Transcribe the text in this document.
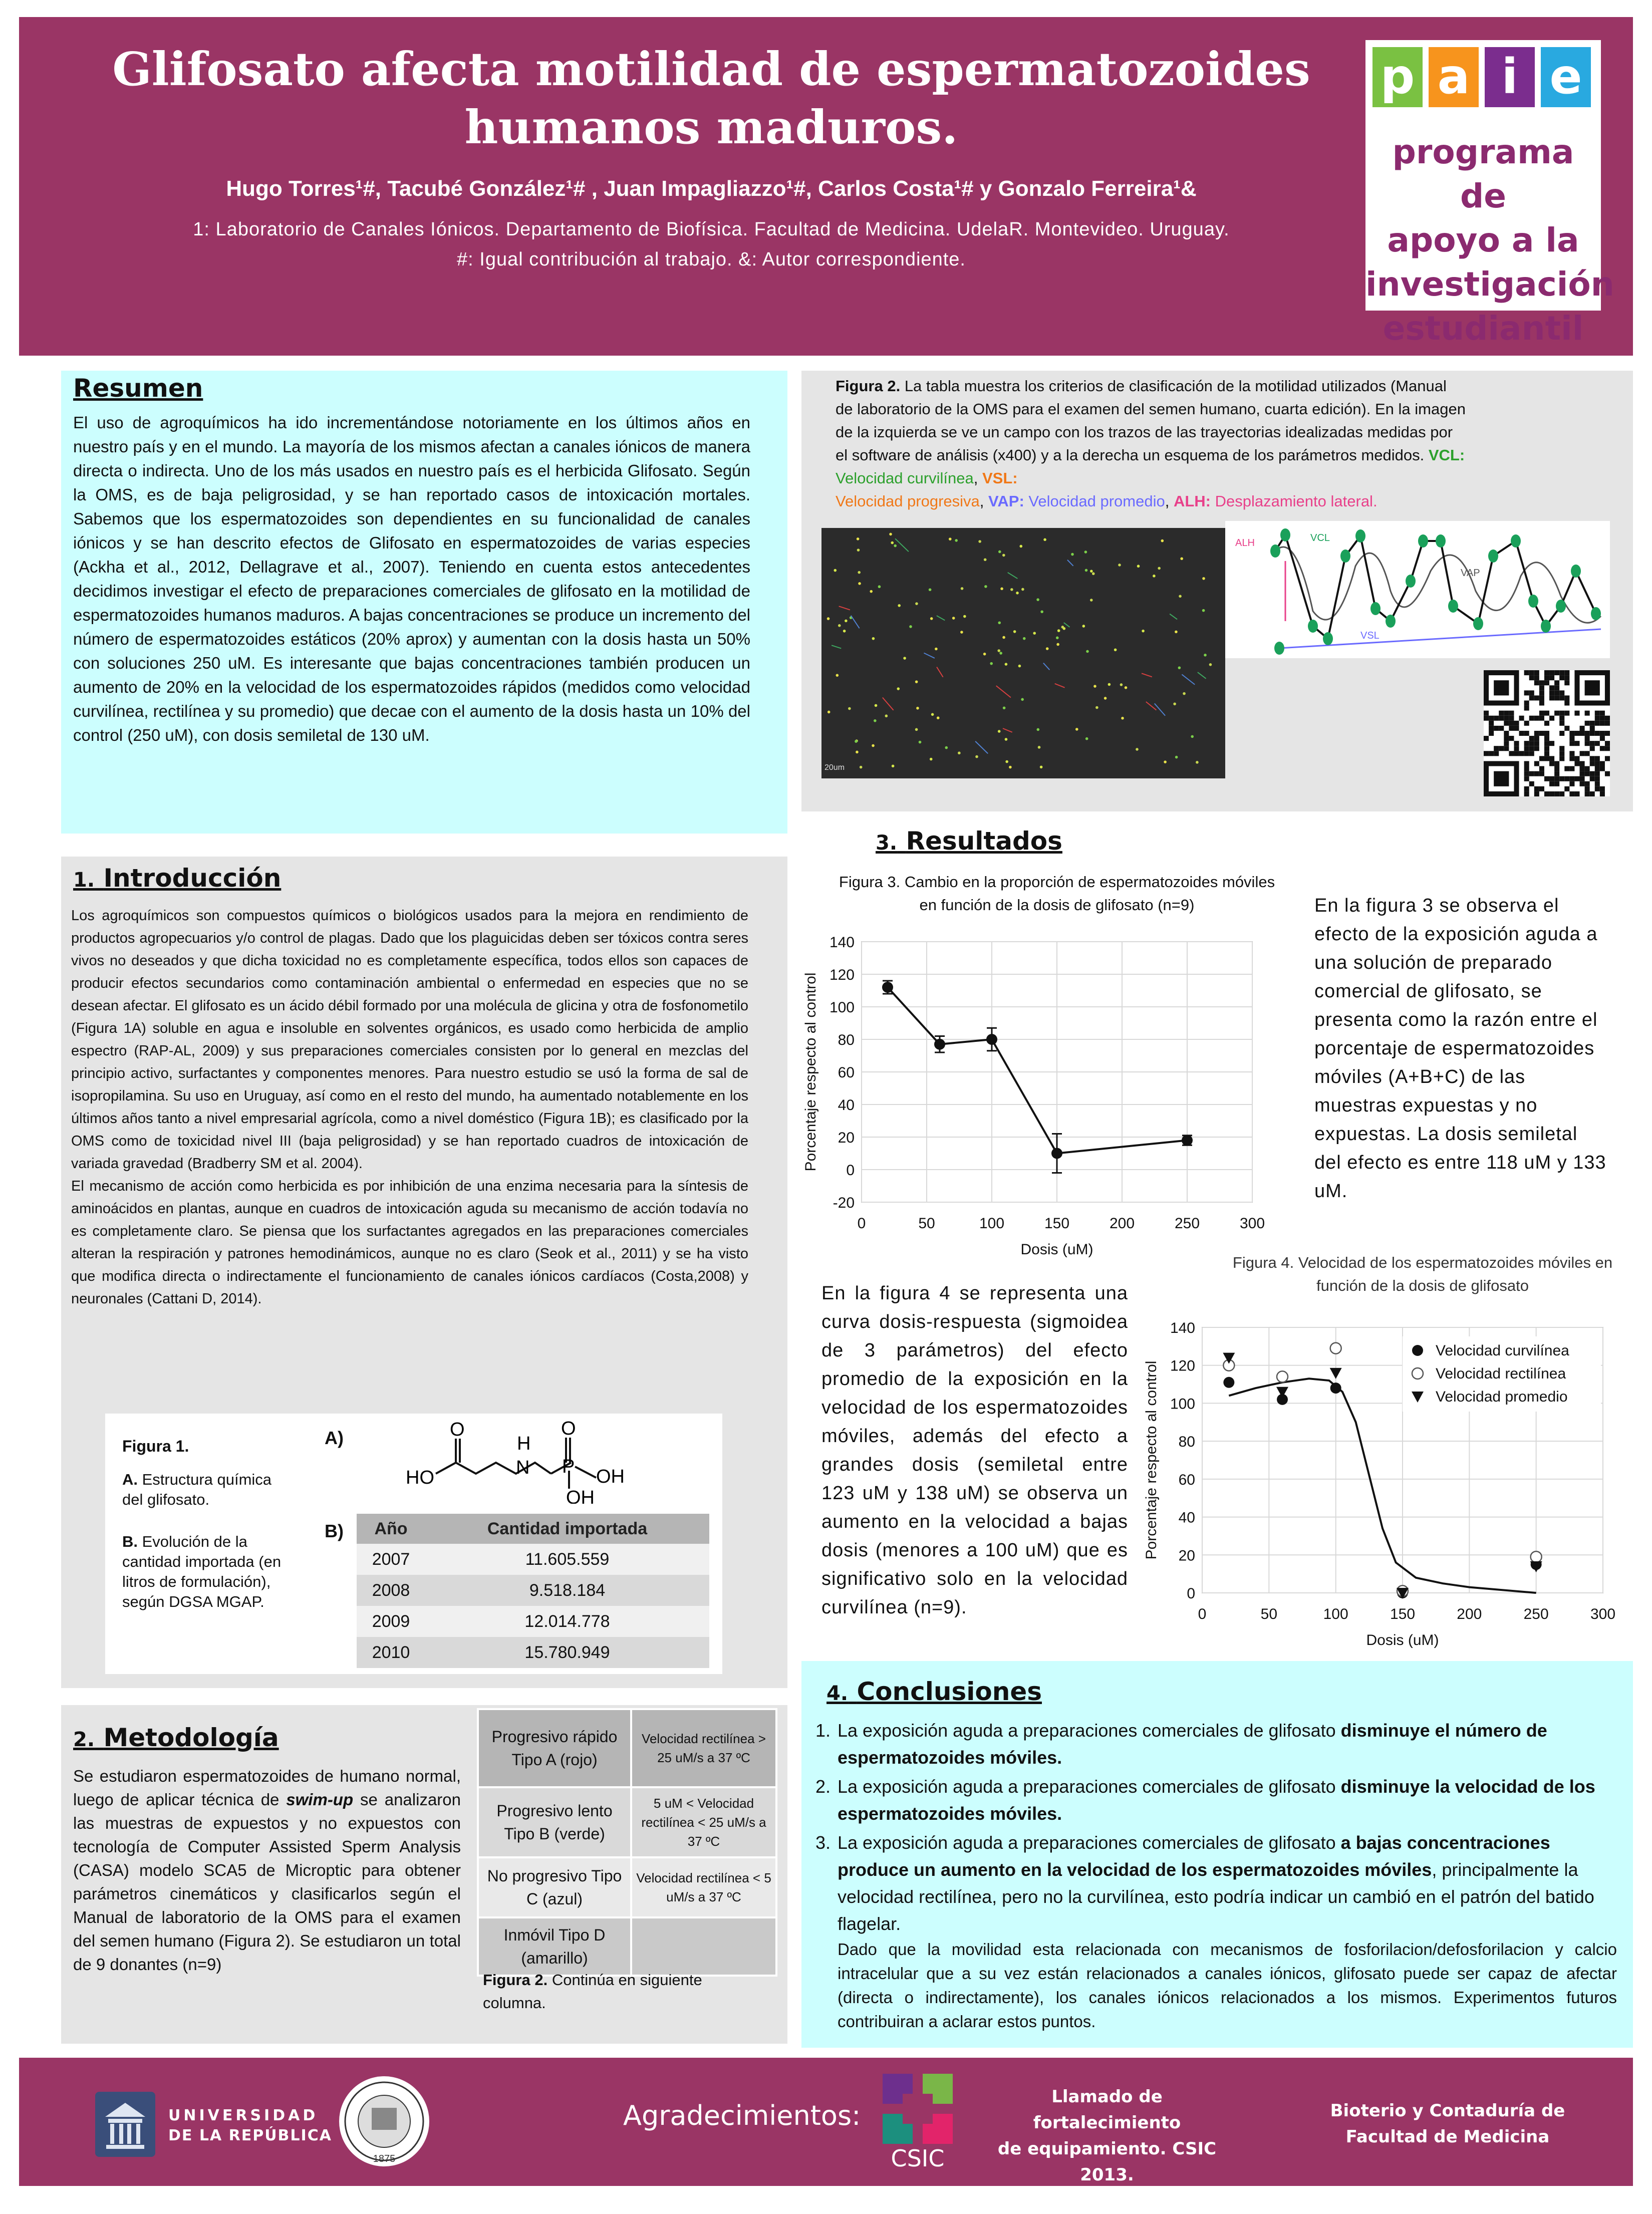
Glifosato afecta motilidad de espermatozoides
humanos maduros.
Hugo Torres¹#, Tacubé González¹# , Juan Impagliazzo¹#, Carlos Costa¹# y Gonzalo Ferreira¹&
1: Laboratorio de Canales Iónicos. Departamento de Biofísica. Facultad de Medicina. UdelaR. Montevideo. Uruguay.
#: Igual contribución al trabajo. &: Autor correspondiente.
p a i e
programa de
apoyo a la
investigación
estudiantil
Resumen
El uso de agroquímicos ha ido incrementándose notoriamente en los últimos años en nuestro país y en el mundo. La mayoría de los mismos afectan a canales iónicos de manera directa o indirecta. Uno de los más usados en nuestro país es el herbicida Glifosato. Según la OMS, es de baja peligrosidad, y se han reportado casos de intoxicación mortales. Sabemos que los espermatozoides son dependientes en su funcionalidad de canales iónicos y se han descrito efectos de Glifosato en espermatozoides de varias especies (Ackha et al., 2012, Dellagrave et al., 2007). Teniendo en cuenta estos antecedentes decidimos investigar el efecto de preparaciones comerciales de glifosato en la motilidad de espermatozoides humanos maduros. A bajas concentraciones se produce un incremento del número de espermatozoides estáticos (20% aprox) y aumentan con la dosis hasta un 50% con soluciones 250 uM. Es interesante que bajas concentraciones también producen un aumento de 20% en la velocidad de los espermatozoides rápidos (medidos como velocidad curvilínea, rectilínea y su promedio) que decae con el aumento de la dosis hasta un 10% del control (250 uM), con dosis semiletal de 130 uM.
1. Introducción
Los agroquímicos son compuestos químicos o biológicos usados para la mejora en rendimiento de productos agropecuarios y/o control de plagas. Dado que los plaguicidas deben ser tóxicos contra seres vivos no deseados y que dicha toxicidad no es completamente específica, todos ellos son capaces de producir efectos secundarios como contaminación ambiental o enfermedad en especies que no se desean afectar. El glifosato es un ácido débil formado por una molécula de glicina y otra de fosfonometilo (Figura 1A) soluble en agua e insoluble en solventes orgánicos, es usado como herbicida de amplio espectro (RAP-AL, 2009) y sus preparaciones comerciales consisten por lo general en mezclas del principio activo, surfactantes y componentes menores. Para nuestro estudio se usó la forma de sal de isopropilamina. Su uso en Uruguay, así como en el resto del mundo, ha aumentado notablemente en los últimos años tanto a nivel empresarial agrícola, como a nivel doméstico (Figura 1B); es clasificado por la OMS como de toxicidad nivel III (baja peligrosidad) y se han reportado cuadros de intoxicación de variada gravedad (Bradberry SM et al. 2004).
El mecanismo de acción como herbicida es por inhibición de una enzima necesaria para la síntesis de aminoácidos en plantas, aunque en cuadros de intoxicación aguda su mecanismo de acción todavía no es completamente claro. Se piensa que los surfactantes agregados en las preparaciones comerciales alteran la respiración y patrones hemodinámicos, aunque no es claro (Seok et al., 2011) y se ha visto que modifica directa o indirectamente el funcionamiento de canales iónicos cardíacos (Costa,2008) y neuronales (Cattani D, 2014).
Figura 1.
A. Estructura química del glifosato.
B. Evolución de la cantidad importada (en litros de formulación), según DGSA MGAP.
A)
B)
O
H
N
O
P OH
HO
OH
Año	Cantidad importada
2007	11.605.559
2008	9.518.184
2009	12.014.778
2010	15.780.949
2. Metodología
Se estudiaron espermatozoides de humano normal, luego de aplicar técnica de swim-up se analizaron las muestras de expuestos y no expuestos con tecnología de Computer Assisted Sperm Analysis (CASA) modelo SCA5 de Microptic para obtener parámetros cinemáticos y clasificarlos según el Manual de laboratorio de la OMS para el examen del semen humano (Figura 2). Se estudiaron un total de 9 donantes (n=9)
Progresivo rápido Tipo A (rojo)	Velocidad rectilínea > 25 uM/s a 37 ºC
Progresivo lento Tipo B (verde)	5 uM < Velocidad rectilínea < 25 uM/s a 37 ºC
No progresivo Tipo C (azul)	Velocidad rectilínea < 5 uM/s a 37 ºC
Inmóvil Tipo D (amarillo)	
Figura 2. Continúa en siguiente columna.
Figura 2. La tabla muestra los criterios de clasificación de la motilidad utilizados (Manual de laboratorio de la OMS para el examen del semen humano, cuarta edición). En la imagen de la izquierda se ve un campo con los trazos de las trayectorias idealizadas medidas por el software de análisis (x400) y a la derecha un esquema de los parámetros medidos. VCL: Velocidad curvilínea, VSL:
Velocidad progresiva, VAP: Velocidad promedio, ALH: Desplazamiento lateral.
20um
ALH	VCL
VAP
VSL
3. Resultados
Figura 3. Cambio en la proporción de espermatozoides móviles en función de la dosis de glifosato (n=9)
-20
0
20
40
60
80
100
120
140
0	50	100	150	200	250	300
Dosis (uM)
Porcentaje respecto al control
En la figura 3 se observa el efecto de la exposición aguda a una solución de preparado comercial de glifosato, se presenta como la razón entre el porcentaje de espermatozoides móviles (A+B+C) de las muestras expuestas y no expuestas. La dosis semiletal del efecto es entre 118 uM y 133 uM.
En la figura 4 se representa una curva dosis-respuesta (sigmoidea de 3 parámetros) del efecto promedio de la exposición en la velocidad de los espermatozoides móviles, además del efecto a grandes dosis (semiletal entre 123 uM y 138 uM) se observa un aumento en la velocidad a bajas dosis (menores a 100 uM) que es significativo solo en la velocidad curvilínea (n=9).
Figura 4. Velocidad de los espermatozoides móviles en función de la dosis de glifosato
0
20
40
60
80
100
120
140
0	50	100	150	200	250	300
Dosis (uM)
Porcentaje respecto al control
Velocidad curvilínea
Velocidad rectilínea
Velocidad promedio
4. Conclusiones
1. La exposición aguda a preparaciones comerciales de glifosato disminuye el número de espermatozoides móviles.
2. La exposición aguda a preparaciones comerciales de glifosato disminuye la velocidad de los espermatozoides móviles.
3. La exposición aguda a preparaciones comerciales de glifosato a bajas concentraciones produce un aumento en la velocidad de los espermatozoides móviles, principalmente la velocidad rectilínea, pero no la curvilínea, esto podría indicar un cambió en el patrón del batido flagelar.
Dado que la movilidad esta relacionada con mecanismos de fosforilacion/defosforilacion y calcio intracelular que a su vez están relacionados a canales iónicos, glifosato puede ser capaz de afectar (directa o indirectamente), los canales iónicos relacionados a los mismos. Experimentos futuros contribuiran a aclarar estos puntos.
UNIVERSIDAD
DE LA REPÚBLICA
1875
Agradecimientos:
CSIC
Llamado de fortalecimiento
de equipamiento. CSIC 2013.
Otorgado a Ferreira, G
Bioterio y Contaduría de
Facultad de Medicina
